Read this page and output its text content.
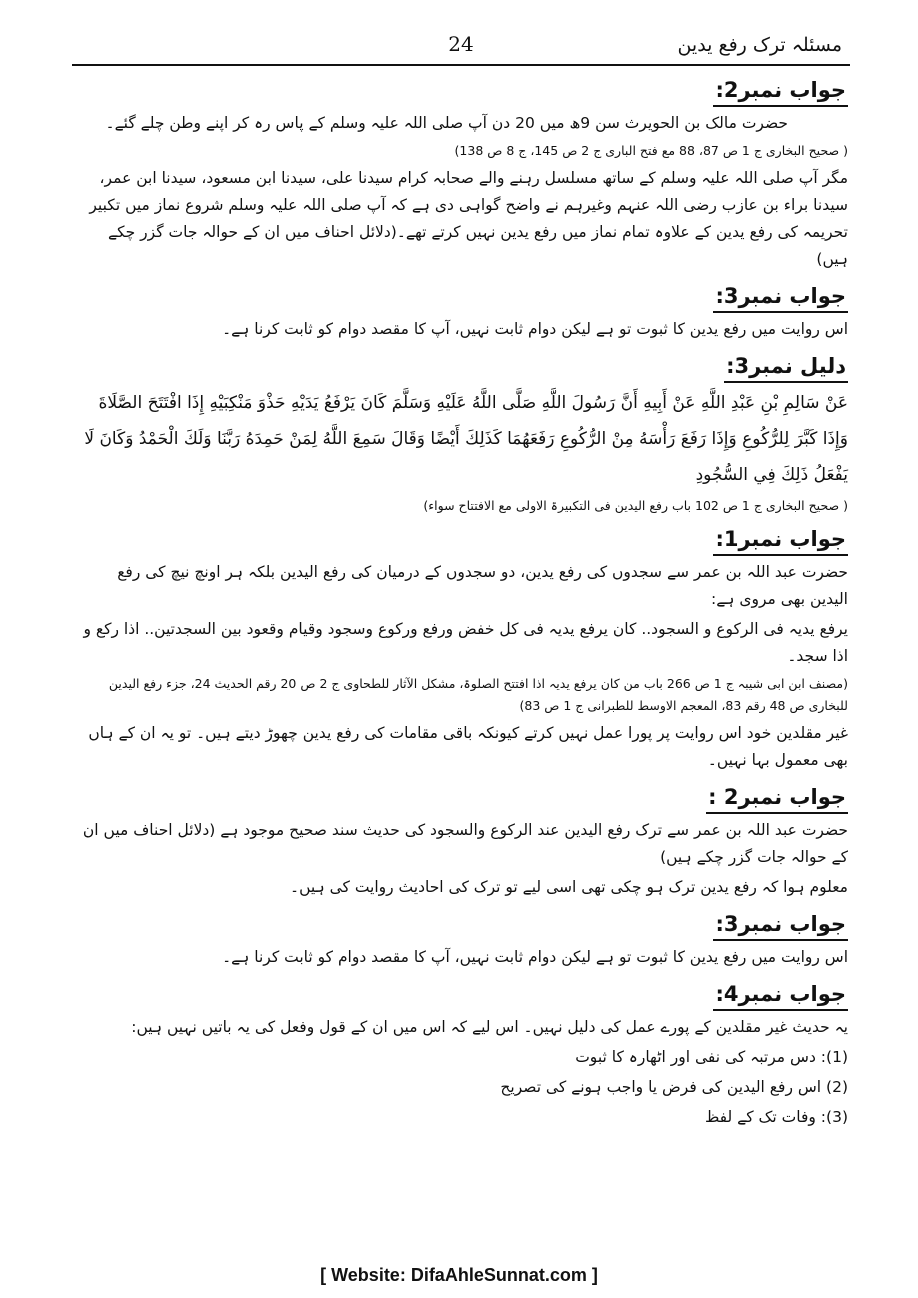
مسئلہ ترک رفع یدین
24
جواب نمبر2:
حضرت مالک بن الحویرث سن 9ھ میں 20 دن آپ صلی اللہ علیہ وسلم کے پاس رہ کر اپنے وطن چلے گئے۔
( صحیح البخاری ج 1 ص 87، 88 مع فتح الباری ج 2 ص 145، ج 8 ص 138)
مگر آپ صلی اللہ علیہ وسلم کے ساتھ مسلسل رہنے والے صحابہ کرام سیدنا علی، سیدنا ابن مسعود، سیدنا ابن عمر، سیدنا براء بن عازب رضی اللہ عنہم وغیرہم نے واضح گواہی دی ہے کہ آپ صلی اللہ علیہ وسلم شروع نماز میں تکبیر تحریمہ کی رفع یدین کے علاوہ تمام نماز میں رفع یدین نہیں کرتے تھے۔(دلائل احناف میں ان کے حوالہ جات گزر چکے ہیں)
جواب نمبر3:
اس روایت میں رفع یدین کا ثبوت تو ہے لیکن دوام ثابت نہیں، آپ کا مقصد دوام کو ثابت کرنا ہے۔
دلیل نمبر3:
عَنْ سَالِمِ بْنِ عَبْدِ اللَّهِ عَنْ أَبِيهِ أَنَّ رَسُولَ اللَّهِ صَلَّى اللَّهُ عَلَيْهِ وَسَلَّمَ كَانَ يَرْفَعُ يَدَيْهِ حَذْوَ مَنْكِبَيْهِ إِذَا افْتَتَحَ الصَّلَاةَ وَإِذَا كَبَّرَ لِلرُّكُوعِ وَإِذَا رَفَعَ رَأْسَهُ مِنْ الرُّكُوعِ رَفَعَهُمَا كَذَلِكَ أَيْضًا وَقَالَ سَمِعَ اللَّهُ لِمَنْ حَمِدَهُ رَبَّنَا وَلَكَ الْحَمْدُ وَكَانَ لَا يَفْعَلُ ذَلِكَ فِي السُّجُودِ
( صحیح البخاری ج 1 ص 102 باب رفع الیدین فی التکبیرۃ الاولی مع الافتتاح سواء)
جواب نمبر1:
حضرت عبد اللہ بن عمر سے سجدوں کی رفع یدین، دو سجدوں کے درمیان کی رفع الیدین بلکہ ہر اونچ نیچ کی رفع الیدین بھی مروی ہے:
یرفع یدیہ فی الرکوع و السجود.. کان یرفع یدیہ فی کل خفض ورفع ورکوع وسجود وقیام وقعود بین السجدتین.. اذا رکع و اذا سجد۔
(مصنف ابن ابی شیبہ ج 1 ص 266 باب من کان یرفع یدیہ اذا افتتح الصلوۃ، مشکل الآثار للطحاوی ج 2 ص 20 رقم الحدیث 24، جزء رفع الیدین للبخاری ص 48 رقم 83، المعجم الاوسط للطبرانی ج 1 ص 83)
غیر مقلدین خود اس روایت پر پورا عمل نہیں کرتے کیونکہ باقی مقامات کی رفع یدین چھوڑ دیتے ہیں۔ تو یہ ان کے ہاں بھی معمول بہا نہیں۔
جواب نمبر2 :
حضرت عبد اللہ بن عمر سے ترک رفع الیدین عند الرکوع والسجود کی حدیث سند صحیح موجود ہے (دلائل احناف میں ان کے حوالہ جات گزر چکے ہیں)
معلوم ہوا کہ رفع یدین ترک ہو چکی تھی اسی لیے تو ترک کی احادیث روایت کی ہیں۔
جواب نمبر3:
اس روایت میں رفع یدین کا ثبوت تو ہے لیکن دوام ثابت نہیں، آپ کا مقصد دوام کو ثابت کرنا ہے۔
جواب نمبر4:
یہ حدیث غیر مقلدین کے پورے عمل کی دلیل نہیں۔ اس لیے کہ اس میں ان کے قول وفعل کی یہ باتیں نہیں ہیں:
(1): دس مرتبہ کی نفی اور اٹھارہ کا ثبوت
(2) اس رفع الیدین کی فرض یا واجب ہونے کی تصریح
(3): وفات تک کے لفظ
[ Website: DifaAhleSunnat.com ]
